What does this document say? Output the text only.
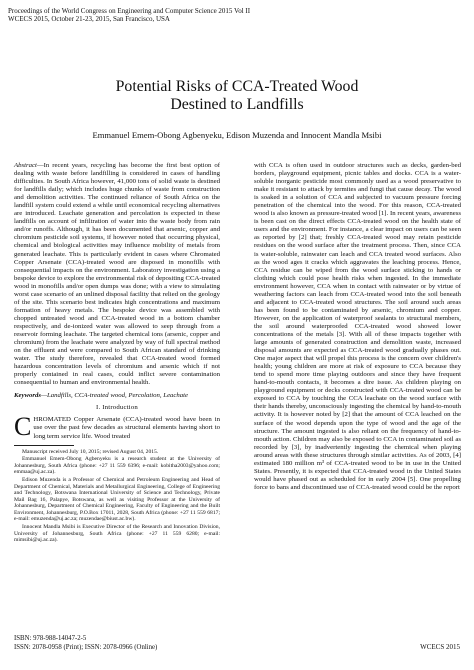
Proceedings of the World Congress on Engineering and Computer Science 2015 Vol II
WCECS 2015, October 21-23, 2015, San Francisco, USA
Potential Risks of CCA-Treated Wood
Destined to Landfills
Emmanuel Emem-Obong Agbenyeku, Edison Muzenda and Innocent Mandla Msibi

Abstract—In recent years, recycling has become the first best option of dealing with waste before landfilling is considered in cases of handling difficulties. In South Africa however, 41,000 tons of solid waste is destined for landfills daily; which includes huge chunks of waste from construction and demolition activities. The continued reliance of South Africa on the landfill system could extend a while until economical recycling alternatives are introduced. Leachate generation and percolation is expected in these landfills on account of infiltration of water into the waste body from rain and/or runoffs. Although, it has been documented that arsenic, copper and chromium pesticide soil systems, if however noted that occurring physical, chemical and biological activities may influence mobility of metals from generated leachate. This is particularly evident in cases where Chromated Copper Arsenate (CCA)-treated wood are disposed in monofills with consequential impacts on the environment. Laboratory investigation using a bespoke device to explore the environmental risk of depositing CCA-treated wood in monofills and/or open dumps was done; with a view to simulating worst case scenario of an unlined disposal facility that relied on the geology of the site. This scenario best indicates high concentrations and maximum formation of heavy metals. The bespoke device was assembled with chopped untreated wood and CCA-treated wood in a bottom chamber respectively, and de-ionized water was allowed to seep through from a reservoir forming leachate. The targeted chemical ions (arsenic, copper and chromium) from the leachate were analyzed by way of full spectral method on the effluent and were compared to South African standard of drinking water. The study therefore, revealed that CCA-treated wood formed hazardous concentration levels of chromium and arsenic which if not properly contained in real cases, could inflict severe contamination consequential to human and environmental health.

Keywords—Landfills, CCA-treated wood, Percolation, Leachate

I. Introduction

CHROMATED Copper Arsenate (CCA)-treated wood have been in use over the past few decades as structural elements having short to long term service life. Wood treated

Manuscript received July 10, 2015; revised August 04, 2015.

Emmanuel Emem-Obong Agbenyeku is a research student at the University of Johannesburg, South Africa (phone: +27 11 559 6396; e-mail: kobitha2003@yahoo.com; emmaa@uj.ac.za).

Edison Muzenda is a Professor of Chemical and Petroleum Engineering and Head of Department of Chemical, Materials and Metallurgical Engineering, College of Engineering and Technology, Botswana International University of Science and Technology, Private Mail Bag 16, Palapye, Botswana, as well as visiting Professor at the University of Johannesburg, Department of Chemical Engineering, Faculty of Engineering and the Built Environment, Johannesburg, P.O.Box 17011, 2028, South Africa (phone: +27 11 559 6817; e-mail: emuzenda@uj.ac.za; muzendae@biust.ac.bw).

Innocent Mandla Msibi is Executive Director of the Research and Innovation Division, University of Johannesburg, South Africa (phone: +27 11 559 6280; e-mail: mimsibi@uj.ac.za).

with CCA is often used in outdoor structures such as decks, garden-bed borders, playground equipment, picnic tables and docks. CCA is a water-soluble inorganic pesticide most commonly used as a wood preservative to make it resistant to attack by termites and fungi that cause decay. The wood is soaked in a solution of CCA and subjected to vacuum pressure forcing penetration of the chemical into the wood. For this reason, CCA-treated wood is also known as pressure-treated wood [1]. In recent years, awareness is been cast on the direct effects CCA-treated wood on the health state of users and the environment. For instance, a clear impact on users can be seen as reported by [2] that; freshly CCA-treated wood may retain pesticide residues on the wood surface after the treatment process. Then, since CCA is water-soluble, rainwater can leach and CCA treated wood surfaces. Also as the wood ages it cracks which aggravates the leaching process. Hence, CCA residue can be wiped from the wood surface sticking to hands or clothing which could pose health risks when ingested. In the immediate environment however, CCA when in contact with rainwater or by virtue of weathering factors can leach from CCA-treated wood into the soil beneath and adjacent to CCA-treated wood structures. The soil around such areas has been found to be contaminated by arsenic, chromium and copper. However, on the application of waterproof sealants to structural members, the soil around waterproofed CCA-treated wood showed lower concentrations of the metals [3]. With all of these impacts together with large amounts of generated construction and demolition waste, increased disposal amounts are expected as CCA-treated wood gradually phases out. One major aspect that will propel this process is the concern over children's health; young children are more at risk of exposure to CCA because they tend to spend more time playing outdoors and since they have frequent hand-to-mouth contacts, it becomes a dire issue. As children playing on playground equipment or decks constructed with CCA-treated wood can be exposed to CCA by touching the CCA leachate on the wood surface with their hands thereby, unconsciously ingesting the chemical by hand-to-mouth activity. It is however noted by [2] that the amount of CCA leached on the surface of the wood depends upon the type of wood and the age of the structure. The amount ingested is also reliant on the frequency of hand-to-mouth action. Children may also be exposed to CCA in contaminated soil as recorded by [3], by inadvertently ingesting the chemical when playing around areas with these structures through similar activities. As of 2003, [4] estimated 180 million m³ of CCA-treated wood to be in use in the United States. Presently, it is expected that CCA-treated wood in the United States would have phased out as scheduled for in early 2004 [5]. One propelling force to bans and discontinued use of CCA-treated wood could be the report

ISBN: 978-988-14047-2-5
ISSN: 2078-0958 (Print); ISSN: 2078-0966 (Online)	WCECS 2015
